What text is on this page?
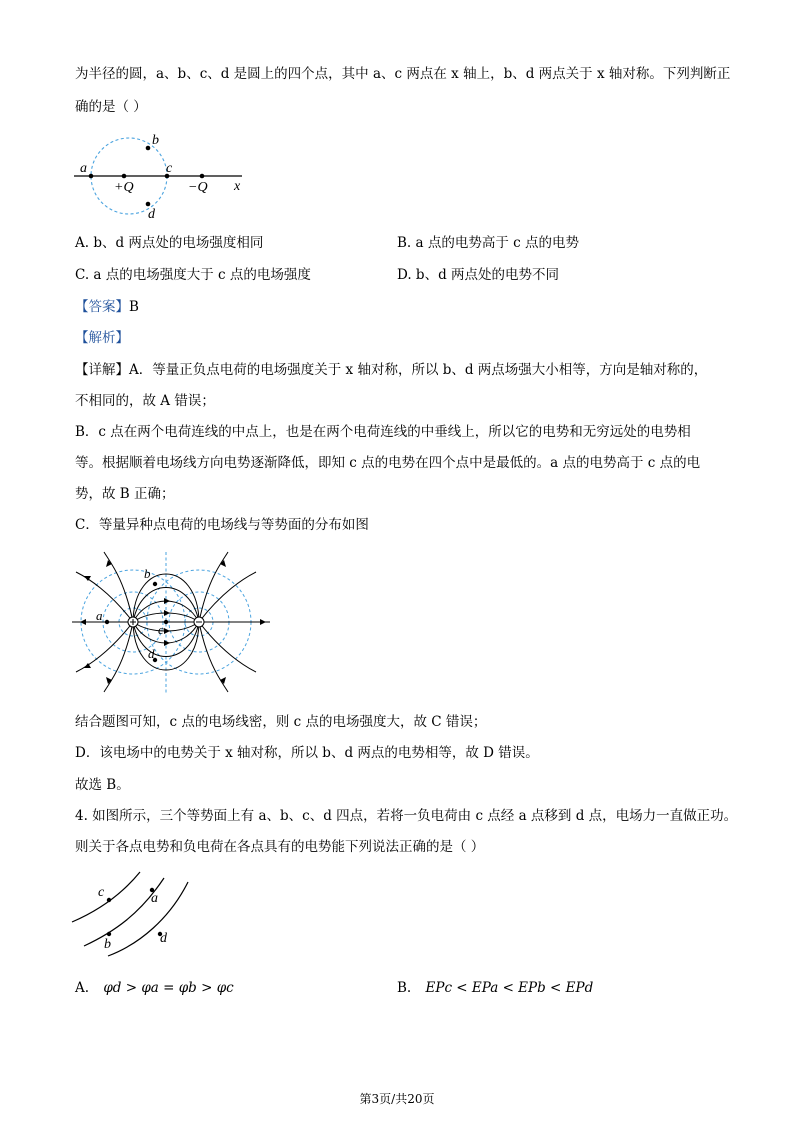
为半径的圆，a、b、c、d 是圆上的四个点，其中 a、c 两点在 x 轴上，b、d 两点关于 x 轴对称。下列判断正
确的是（ ）
a
b
c
d
x
+Q	−Q
A. b、d 两点处的电场强度相同	B. a 点的电势高于 c 点的电势
C. a 点的电场强度大于 c 点的电场强度	D. b、d 两点处的电势不同
【答案】B
【解析】
【详解】A．等量正负点电荷的电场强度关于 x 轴对称，所以 b、d 两点场强大小相等，方向是轴对称的，
不相同的，故 A 错误；
B．c 点在两个电荷连线的中点上，也是在两个电荷连线的中垂线上，所以它的电势和无穷远处的电势相
等。根据顺着电场线方向电势逐渐降低，即知 c 点的电势在四个点中是最低的。a 点的电势高于 c 点的电
势，故 B 正确；
C．等量异种点电荷的电场线与等势面的分布如图
a
b
c
d
结合题图可知，c 点的电场线密，则 c 点的电场强度大，故 C 错误；
D．该电场中的电势关于 x 轴对称，所以 b、d 两点的电势相等，故 D 错误。
故选 B。
4. 如图所示，三个等势面上有 a、b、c、d 四点，若将一负电荷由 c 点经 a 点移到 d 点，电场力一直做正功。
则关于各点电势和负电荷在各点具有的电势能下列说法正确的是（ ）
c	a
b	d
A. φd > φa = φb > φc	B. EPc < EPa < EPb < EPd
第3页/共20页
